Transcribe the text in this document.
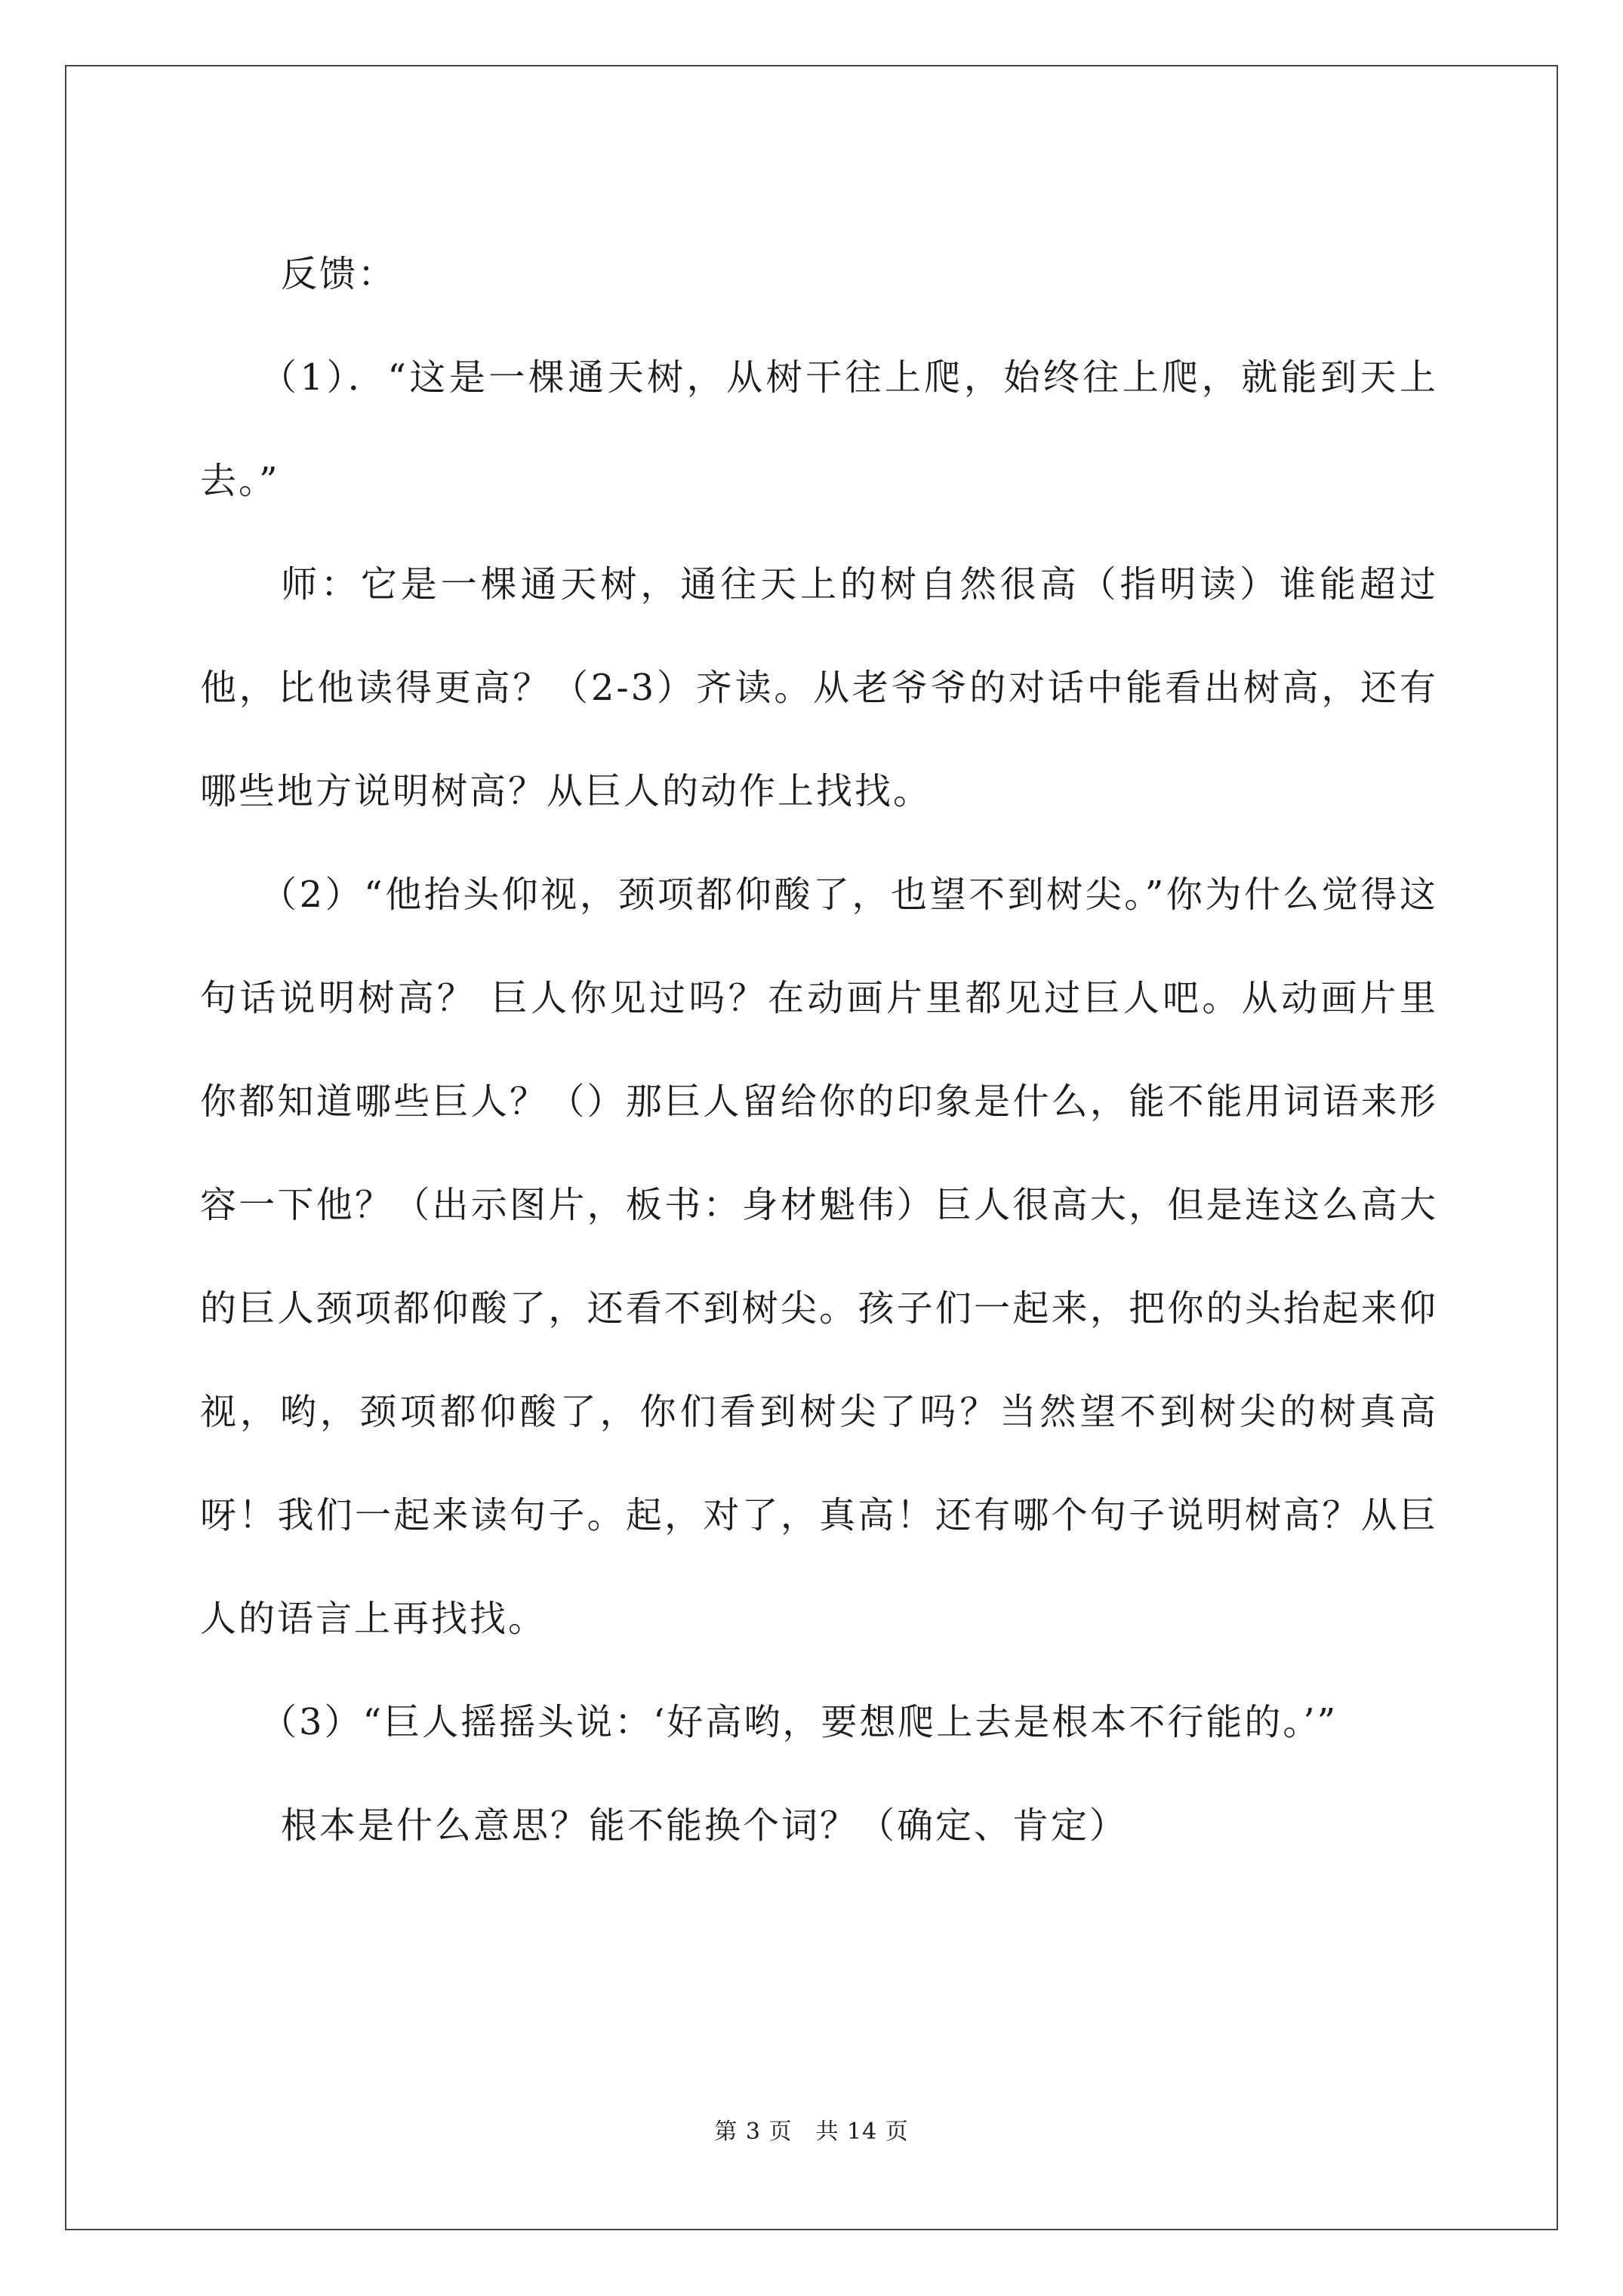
反馈：

（1）．“这是一棵通天树，从树干往上爬，始终往上爬，就能到天上去。”

师：它是一棵通天树，通往天上的树自然很高（指明读）谁能超过他，比他读得更高？（2-3）齐读。从老爷爷的对话中能看出树高，还有哪些地方说明树高？从巨人的动作上找找。

（2）“他抬头仰视，颈项都仰酸了，也望不到树尖。”你为什么觉得这句话说明树高？ 巨人你见过吗？在动画片里都见过巨人吧。从动画片里你都知道哪些巨人？（）那巨人留给你的印象是什么，能不能用词语来形容一下他？（出示图片，板书：身材魁伟）巨人很高大，但是连这么高大的巨人颈项都仰酸了，还看不到树尖。孩子们一起来，把你的头抬起来仰视，哟，颈项都仰酸了，你们看到树尖了吗？当然望不到树尖的树真高呀！我们一起来读句子。起，对了，真高！还有哪个句子说明树高？从巨人的语言上再找找。

（3）“巨人摇摇头说：‘好高哟，要想爬上去是根本不行能的。’”

根本是什么意思？能不能换个词？（确定、肯定）

第 3 页　共 14 页
